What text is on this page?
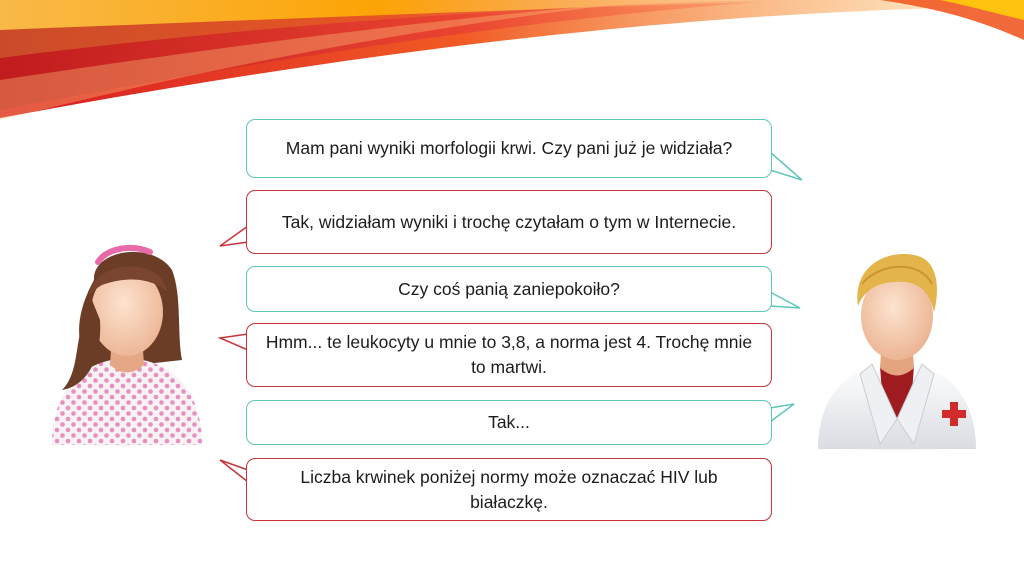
Mam pani wyniki morfologii krwi. Czy pani już je widziała?
Tak, widziałam wyniki i trochę czytałam o tym w Internecie.
Czy coś panią zaniepokoiło?
Hmm... te leukocyty u mnie to 3,8, a norma jest 4. Trochę mnie to martwi.
Tak...
Liczba krwinek poniżej normy może oznaczać HIV lub białaczkę.
